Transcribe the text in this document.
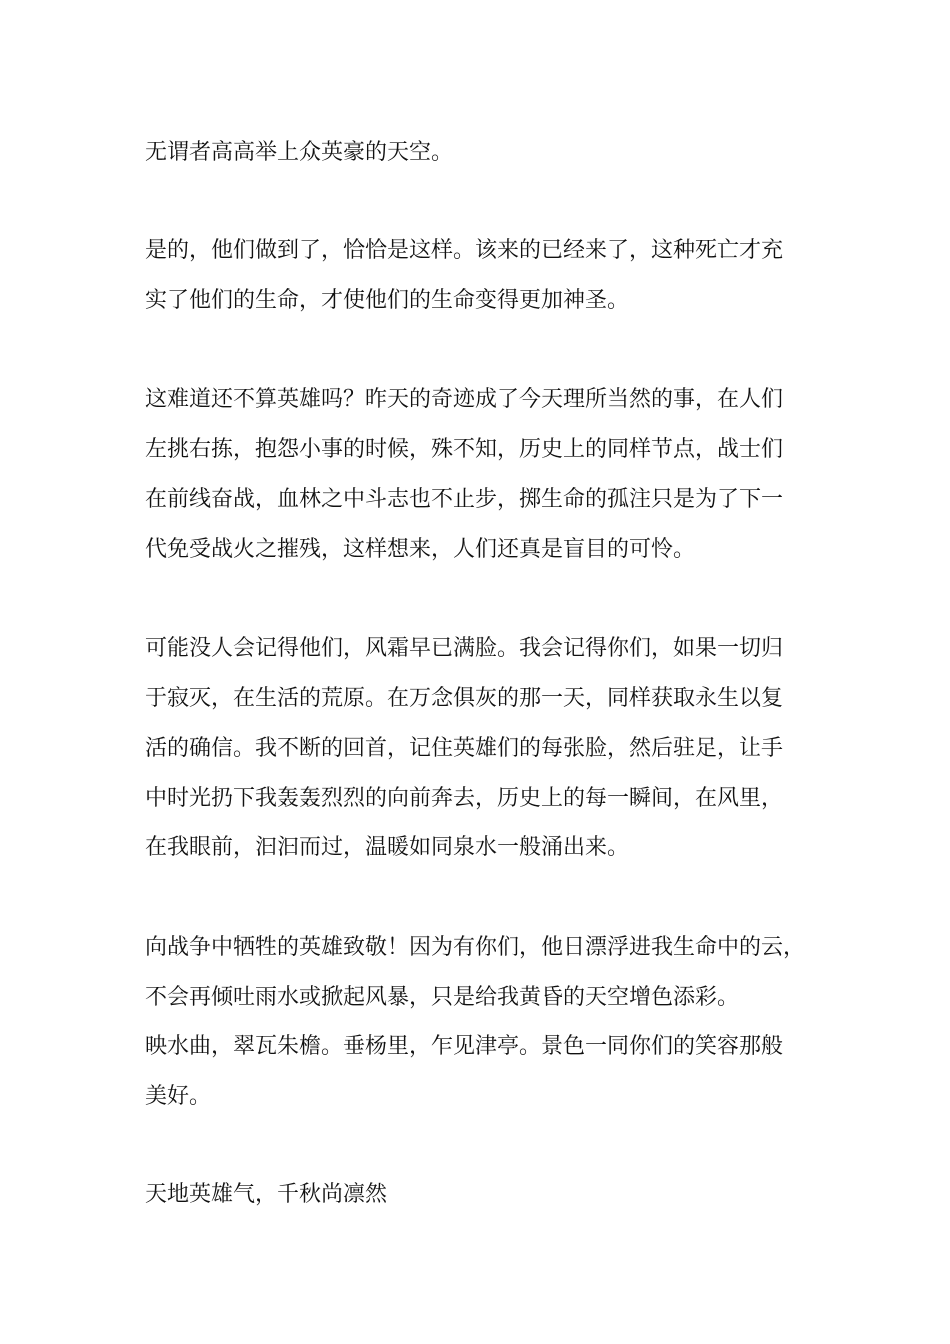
无谓者高高举上众英豪的天空。

是的，他们做到了，恰恰是这样。该来的已经来了，这种死亡才充

实了他们的生命，才使他们的生命变得更加神圣。

这难道还不算英雄吗？昨天的奇迹成了今天理所当然的事，在人们

左挑右拣，抱怨小事的时候，殊不知，历史上的同样节点，战士们

在前线奋战，血林之中斗志也不止步，掷生命的孤注只是为了下一

代免受战火之摧残，这样想来，人们还真是盲目的可怜。

可能没人会记得他们，风霜早已满脸。我会记得你们，如果一切归

于寂灭，在生活的荒原。在万念俱灰的那一天，同样获取永生以复

活的确信。我不断的回首，记住英雄们的每张脸，然后驻足，让手

中时光扔下我轰轰烈烈的向前奔去，历史上的每一瞬间，在风里，

在我眼前，汩汩而过，温暖如同泉水一般涌出来。

向战争中牺牲的英雄致敬！因为有你们，他日漂浮进我生命中的云，

不会再倾吐雨水或掀起风暴，只是给我黄昏的天空增色添彩。

映水曲，翠瓦朱檐。垂杨里，乍见津亭。景色一同你们的笑容那般

美好。

天地英雄气，千秋尚凛然
